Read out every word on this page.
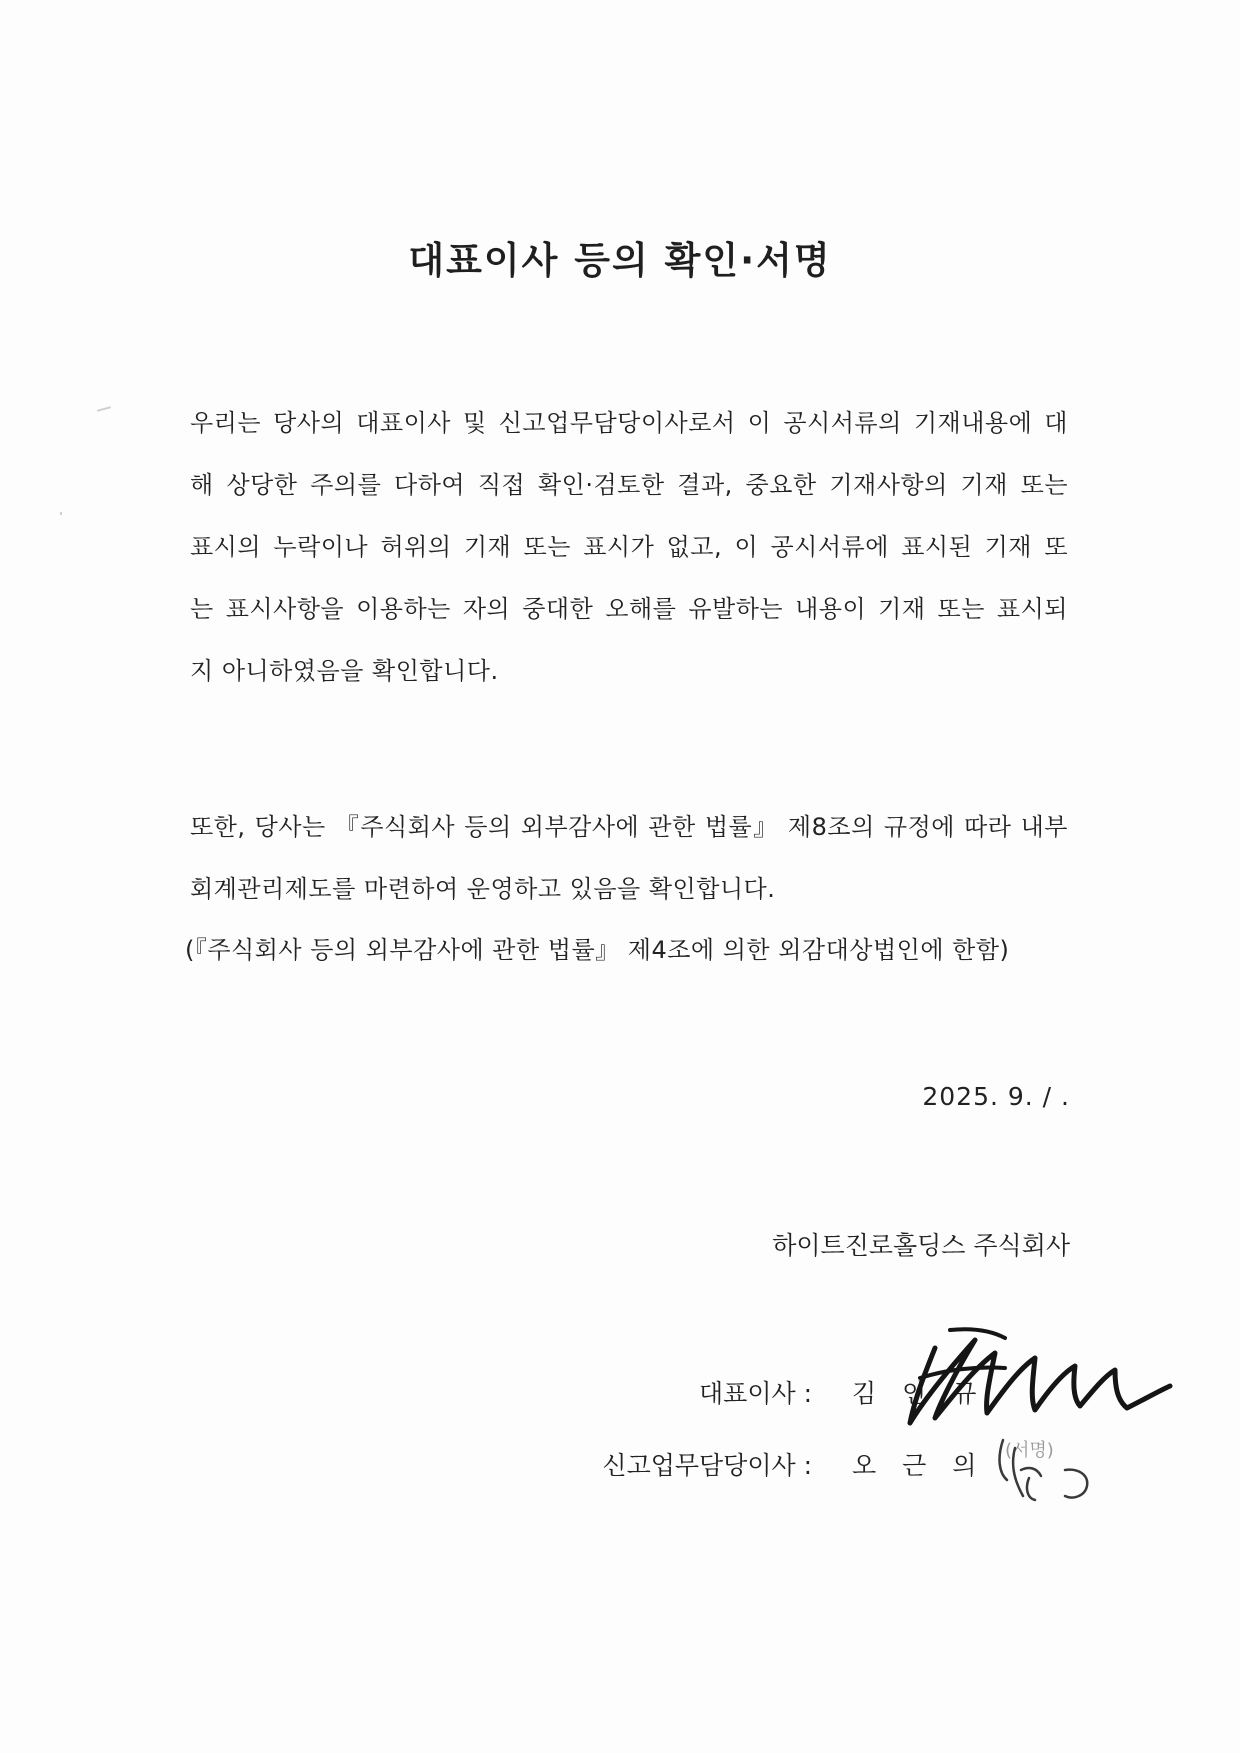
대표이사 등의 확인·서명
우리는 당사의 대표이사 및 신고업무담당이사로서 이 공시서류의 기재내용에 대
해 상당한 주의를 다하여 직접 확인·검토한 결과, 중요한 기재사항의 기재 또는
표시의 누락이나 허위의 기재 또는 표시가 없고, 이 공시서류에 표시된 기재 또
는 표시사항을 이용하는 자의 중대한 오해를 유발하는 내용이 기재 또는 표시되
지 아니하였음을 확인합니다.
또한, 당사는 『주식회사 등의 외부감사에 관한 법률』 제8조의 규정에 따라 내부
회계관리제도를 마련하여 운영하고 있음을 확인합니다.
(『주식회사 등의 외부감사에 관한 법률』 제4조에 의한 외감대상법인에 한함)
2025. 9. / .
하이트진로홀딩스 주식회사
대표이사 : 김인규
신고업무담당이사 : 오근의
(서명)
